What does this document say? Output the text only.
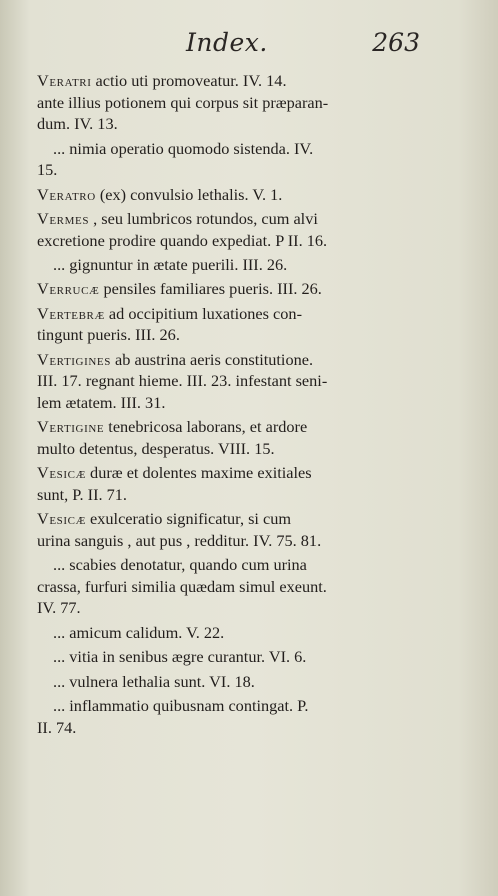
Index.	263
Veratri actio uti promoveatur. IV. 14.
ante illius potionem qui corpus sit præparan-
dum. IV. 13.
... nimia operatio quomodo sistenda. IV.
15.
Veratro (ex) convulsio lethalis. V. 1.
Vermes , seu lumbricos rotundos, cum alvi
excretione prodire quando expediat. P II. 16.
... gignuntur in ætate puerili. III. 26.
Verrucæ pensiles familiares pueris. III. 26.
Vertebræ ad occipitium luxationes con-
tingunt pueris. III. 26.
Vertigines ab austrina aeris constitutione.
III. 17. regnant hieme. III. 23. infestant seni-
lem ætatem. III. 31.
Vertigine tenebricosa laborans, et ardore
multo detentus, desperatus. VIII. 15.
Vesicæ duræ et dolentes maxime exitiales
sunt, P. II. 71.
Vesicæ exulceratio significatur, si cum
urina sanguis , aut pus , redditur. IV. 75. 81.
... scabies denotatur, quando cum urina
crassa, furfuri similia quædam simul exeunt.
IV. 77.
... amicum calidum. V. 22.
... vitia in senibus ægre curantur. VI. 6.
... vulnera lethalia sunt. VI. 18.
... inflammatio quibusnam contingat. P.
II. 74.
